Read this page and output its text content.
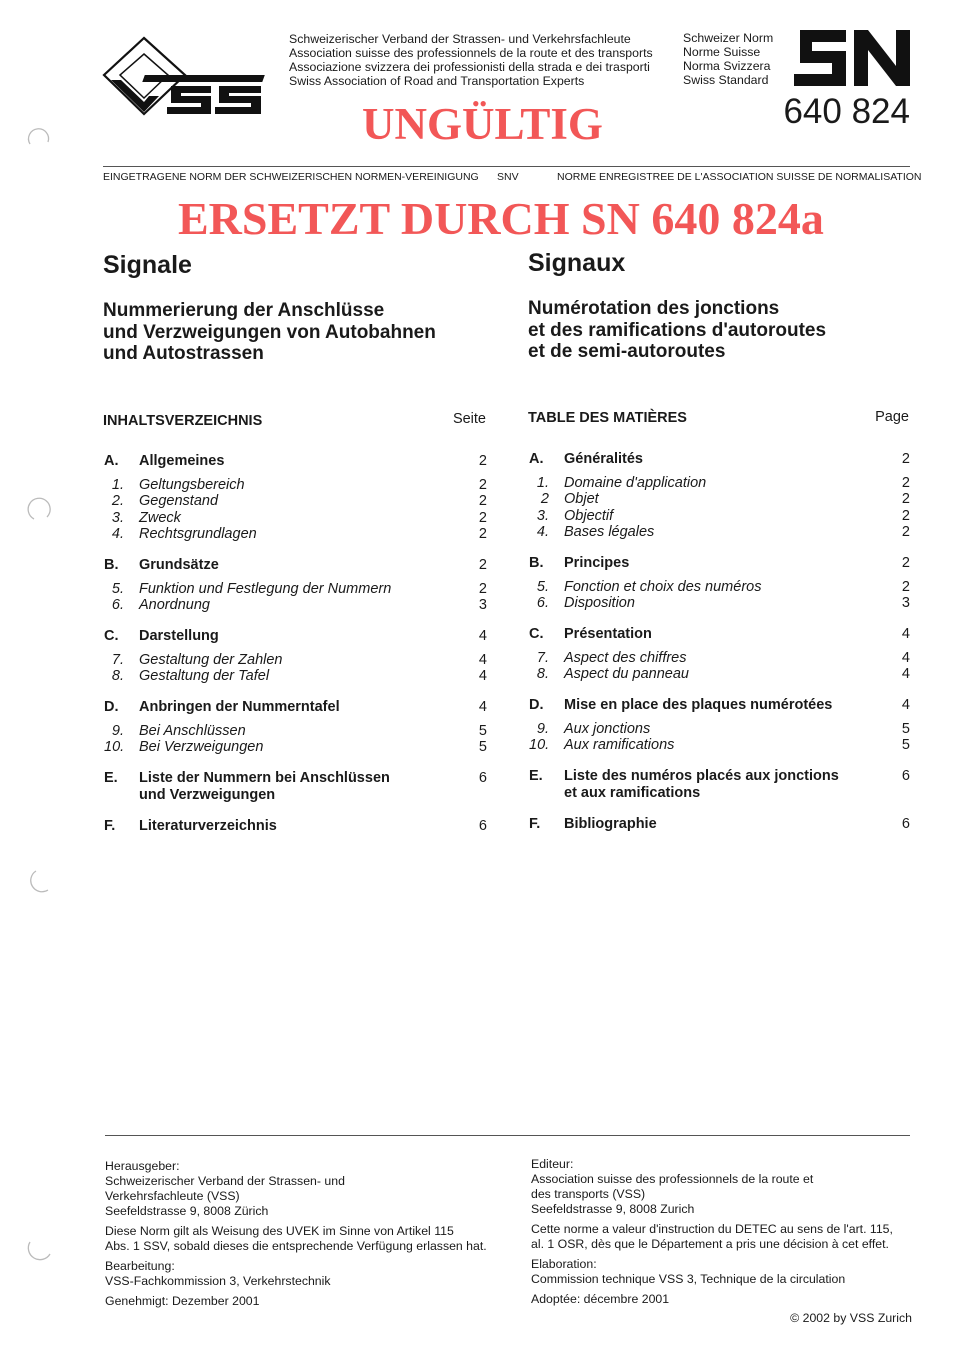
Schweizerischer Verband der Strassen- und Verkehrsfachleute
Association suisse des professionnels de la route et des transports
Associazione svizzera dei professionisti della strada e dei trasporti
Swiss Association of Road and Transportation Experts
Schweizer Norm
Norme Suisse
Norma Svizzera
Swiss Standard
640 824
UNGÜLTIG
EINGETRAGENE NORM DER SCHWEIZERISCHEN NORMEN-VEREINIGUNG SNV	NORME ENREGISTREE DE L'ASSOCIATION SUISSE DE NORMALISATION
ERSETZT DURCH SN 640 824a
Signale	Signaux
Nummerierung der Anschlüsse
und Verzweigungen von Autobahnen
und Autostrassen
Numérotation des jonctions
et des ramifications d'autoroutes
et de semi-autoroutes
INHALTSVERZEICHNIS	Seite	TABLE DES MATIÈRES	Page
A. Allgemeines	2
1. Geltungsbereich	2
2. Gegenstand	2
3. Zweck	2
4. Rechtsgrundlagen	2
B. Grundsätze	2
5. Funktion und Festlegung der Nummern	2
6. Anordnung	3
C. Darstellung	4
7. Gestaltung der Zahlen	4
8. Gestaltung der Tafel	4
D. Anbringen der Nummerntafel	4
9. Bei Anschlüssen	5
10. Bei Verzweigungen	5
E. Liste der Nummern bei Anschlüssen	6
und Verzweigungen
F. Literaturverzeichnis	6
A. Généralités	2
1. Domaine d'application	2
2 Objet	2
3. Objectif	2
4. Bases légales	2
B. Principes	2
5. Fonction et choix des numéros	2
6. Disposition	3
C. Présentation	4
7. Aspect des chiffres	4
8. Aspect du panneau	4
D. Mise en place des plaques numérotées	4
9. Aux jonctions	5
10. Aux ramifications	5
E. Liste des numéros placés aux jonctions	6
et aux ramifications
F. Bibliographie	6

Herausgeber:
Schweizerischer Verband der Strassen- und
Verkehrsfachleute (VSS)
Seefeldstrasse 9, 8008 Zürich

Diese Norm gilt als Weisung des UVEK im Sinne von Artikel 115
Abs. 1 SSV, sobald dieses die entsprechende Verfügung erlassen hat.

Bearbeitung:
VSS-Fachkommission 3, Verkehrstechnik

Genehmigt: Dezember 2001

Editeur:
Association suisse des professionnels de la route et
des transports (VSS)
Seefeldstrasse 9, 8008 Zurich

Cette norme a valeur d'instruction du DETEC au sens de l'art. 115,
al. 1 OSR, dès que le Département a pris une décision à cet effet.

Elaboration:
Commission technique VSS 3, Technique de la circulation

Adoptée: décembre 2001

© 2002 by VSS Zurich
